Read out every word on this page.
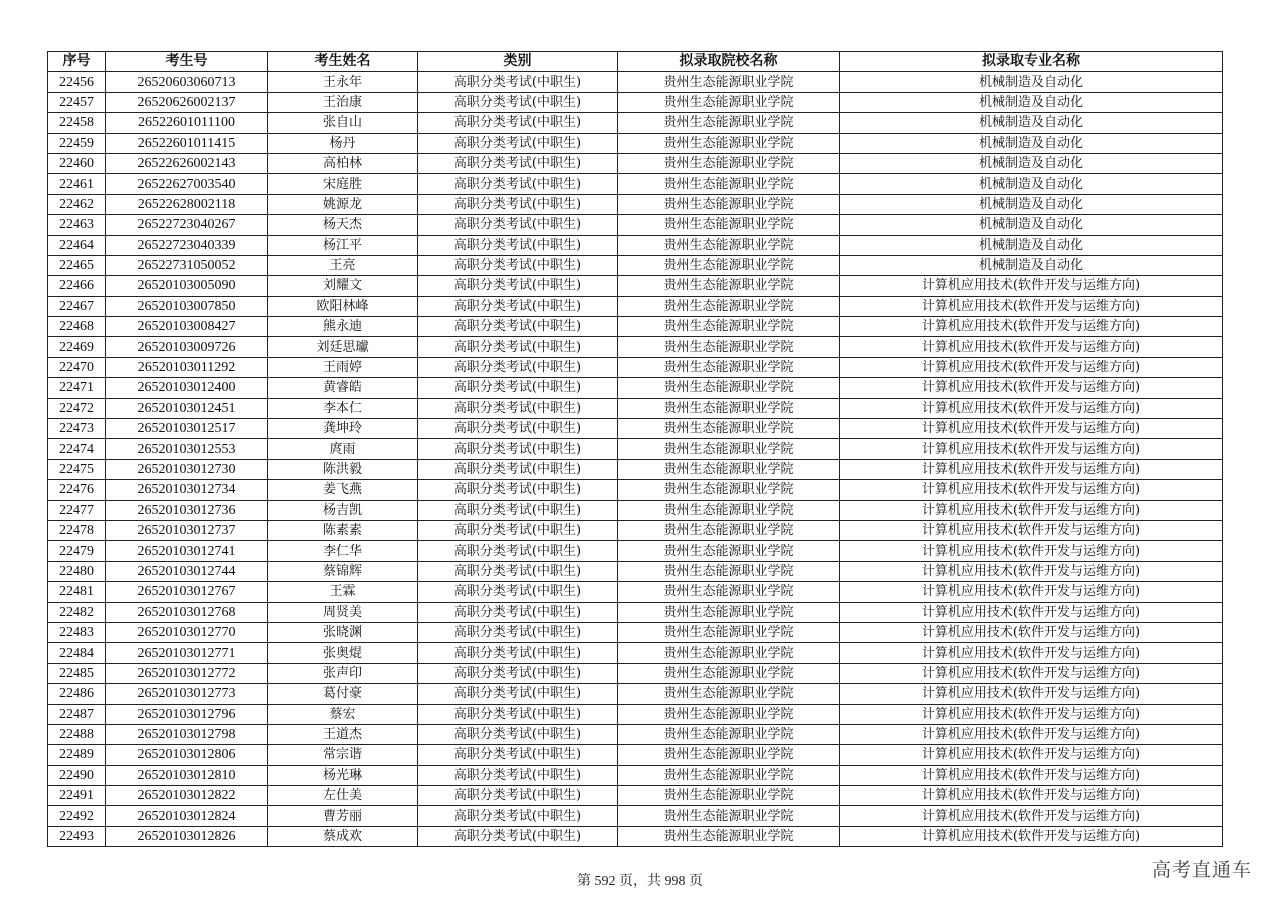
序号	考生号	考生姓名	类别	拟录取院校名称	拟录取专业名称
22456	26520603060713	王永年	高职分类考试(中职生)	贵州生态能源职业学院	机械制造及自动化
22457	26520626002137	王治康	高职分类考试(中职生)	贵州生态能源职业学院	机械制造及自动化
22458	26522601011100	张自山	高职分类考试(中职生)	贵州生态能源职业学院	机械制造及自动化
22459	26522601011415	杨丹	高职分类考试(中职生)	贵州生态能源职业学院	机械制造及自动化
22460	26522626002143	高柏林	高职分类考试(中职生)	贵州生态能源职业学院	机械制造及自动化
22461	26522627003540	宋庭胜	高职分类考试(中职生)	贵州生态能源职业学院	机械制造及自动化
22462	26522628002118	姚源龙	高职分类考试(中职生)	贵州生态能源职业学院	机械制造及自动化
22463	26522723040267	杨天杰	高职分类考试(中职生)	贵州生态能源职业学院	机械制造及自动化
22464	26522723040339	杨江平	高职分类考试(中职生)	贵州生态能源职业学院	机械制造及自动化
22465	26522731050052	王亮	高职分类考试(中职生)	贵州生态能源职业学院	机械制造及自动化
22466	26520103005090	刘耀文	高职分类考试(中职生)	贵州生态能源职业学院	计算机应用技术(软件开发与运维方向)
22467	26520103007850	欧阳林峰	高职分类考试(中职生)	贵州生态能源职业学院	计算机应用技术(软件开发与运维方向)
22468	26520103008427	熊永迪	高职分类考试(中职生)	贵州生态能源职业学院	计算机应用技术(软件开发与运维方向)
22469	26520103009726	刘廷思瓛	高职分类考试(中职生)	贵州生态能源职业学院	计算机应用技术(软件开发与运维方向)
22470	26520103011292	王雨婷	高职分类考试(中职生)	贵州生态能源职业学院	计算机应用技术(软件开发与运维方向)
22471	26520103012400	黄睿皓	高职分类考试(中职生)	贵州生态能源职业学院	计算机应用技术(软件开发与运维方向)
22472	26520103012451	李本仁	高职分类考试(中职生)	贵州生态能源职业学院	计算机应用技术(软件开发与运维方向)
22473	26520103012517	龚坤玲	高职分类考试(中职生)	贵州生态能源职业学院	计算机应用技术(软件开发与运维方向)
22474	26520103012553	庹雨	高职分类考试(中职生)	贵州生态能源职业学院	计算机应用技术(软件开发与运维方向)
22475	26520103012730	陈洪毅	高职分类考试(中职生)	贵州生态能源职业学院	计算机应用技术(软件开发与运维方向)
22476	26520103012734	姜飞燕	高职分类考试(中职生)	贵州生态能源职业学院	计算机应用技术(软件开发与运维方向)
22477	26520103012736	杨吉凯	高职分类考试(中职生)	贵州生态能源职业学院	计算机应用技术(软件开发与运维方向)
22478	26520103012737	陈素素	高职分类考试(中职生)	贵州生态能源职业学院	计算机应用技术(软件开发与运维方向)
22479	26520103012741	李仁华	高职分类考试(中职生)	贵州生态能源职业学院	计算机应用技术(软件开发与运维方向)
22480	26520103012744	蔡锦辉	高职分类考试(中职生)	贵州生态能源职业学院	计算机应用技术(软件开发与运维方向)
22481	26520103012767	王霖	高职分类考试(中职生)	贵州生态能源职业学院	计算机应用技术(软件开发与运维方向)
22482	26520103012768	周贤美	高职分类考试(中职生)	贵州生态能源职业学院	计算机应用技术(软件开发与运维方向)
22483	26520103012770	张晓渊	高职分类考试(中职生)	贵州生态能源职业学院	计算机应用技术(软件开发与运维方向)
22484	26520103012771	张奥焜	高职分类考试(中职生)	贵州生态能源职业学院	计算机应用技术(软件开发与运维方向)
22485	26520103012772	张声印	高职分类考试(中职生)	贵州生态能源职业学院	计算机应用技术(软件开发与运维方向)
22486	26520103012773	葛付豪	高职分类考试(中职生)	贵州生态能源职业学院	计算机应用技术(软件开发与运维方向)
22487	26520103012796	蔡宏	高职分类考试(中职生)	贵州生态能源职业学院	计算机应用技术(软件开发与运维方向)
22488	26520103012798	王道杰	高职分类考试(中职生)	贵州生态能源职业学院	计算机应用技术(软件开发与运维方向)
22489	26520103012806	常宗谐	高职分类考试(中职生)	贵州生态能源职业学院	计算机应用技术(软件开发与运维方向)
22490	26520103012810	杨光琳	高职分类考试(中职生)	贵州生态能源职业学院	计算机应用技术(软件开发与运维方向)
22491	26520103012822	左仕美	高职分类考试(中职生)	贵州生态能源职业学院	计算机应用技术(软件开发与运维方向)
22492	26520103012824	曹芳丽	高职分类考试(中职生)	贵州生态能源职业学院	计算机应用技术(软件开发与运维方向)
22493	26520103012826	蔡成欢	高职分类考试(中职生)	贵州生态能源职业学院	计算机应用技术(软件开发与运维方向)
第 592 页，共 998 页
高考直通车
